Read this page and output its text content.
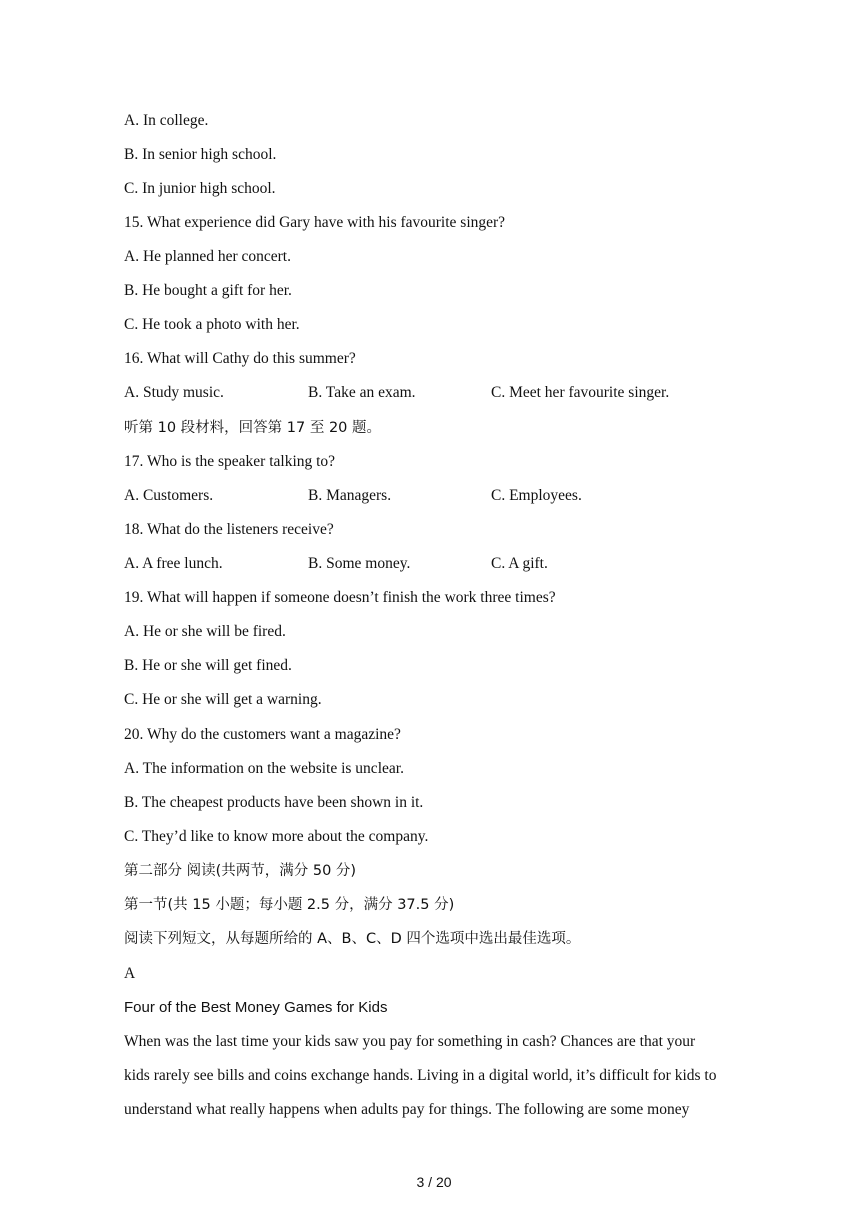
A. In college.
B. In senior high school.
C. In junior high school.
15. What experience did Gary have with his favourite singer?
A. He planned her concert.
B. He bought a gift for her.
C. He took a photo with her.
16. What will Cathy do this summer?
A. Study music.	B. Take an exam.	C. Meet her favourite singer.
听第 10 段材料，回答第 17 至 20 题。
17. Who is the speaker talking to?
A. Customers.	B. Managers.	C. Employees.
18. What do the listeners receive?
A. A free lunch.	B. Some money.	C. A gift.
19. What will happen if someone doesn’t finish the work three times?
A. He or she will be fired.
B. He or she will get fined.
C. He or she will get a warning.
20. Why do the customers want a magazine?
A. The information on the website is unclear.
B. The cheapest products have been shown in it.
C. They’d like to know more about the company.
第二部分 阅读(共两节，满分 50 分)
第一节(共 15 小题；每小题 2.5 分，满分 37.5 分)
阅读下列短文，从每题所给的 A、B、C、D 四个选项中选出最佳选项。
A
Four of the Best Money Games for Kids
When was the last time your kids saw you pay for something in cash? Chances are that your
kids rarely see bills and coins exchange hands. Living in a digital world, it’s difficult for kids to
understand what really happens when adults pay for things. The following are some money
3 / 20
